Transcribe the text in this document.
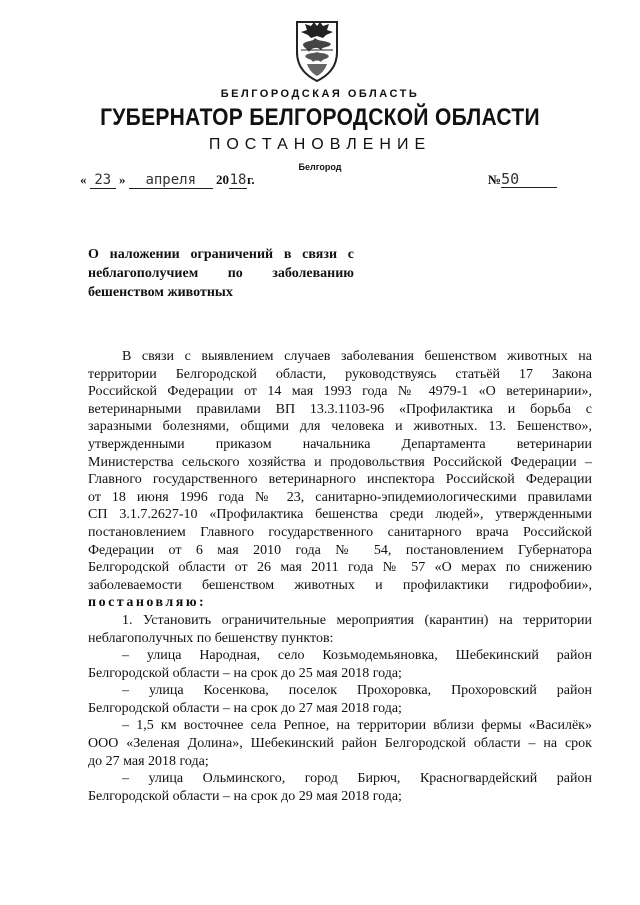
БЕЛГОРОДСКАЯ ОБЛАСТЬ
ГУБЕРНАТОР БЕЛГОРОДСКОЙ ОБЛАСТИ
ПОСТАНОВЛЕНИЕ
Белгород
« 23 » апреля 2018г.	№50
О наложении ограничений в связи с
неблагополучием по заболеванию
бешенством животных
В связи с выявлением случаев заболевания бешенством животных на
территории Белгородской области, руководствуясь статьёй 17 Закона
Российской Федерации от 14 мая 1993 года № 4979-1 «О ветеринарии»,
ветеринарными правилами ВП 13.3.1103-96 «Профилактика и борьба с
заразными болезнями, общими для человека и животных. 13. Бешенство»,
утвержденными приказом начальника Департамента ветеринарии
Министерства сельского хозяйства и продовольствия Российской Федерации –
Главного государственного ветеринарного инспектора Российской Федерации
от 18 июня 1996 года № 23, санитарно-эпидемиологическими правилами
СП 3.1.7.2627-10 «Профилактика бешенства среди людей», утвержденными
постановлением Главного государственного санитарного врача Российской
Федерации от 6 мая 2010 года № 54, постановлением Губернатора
Белгородской области от 26 мая 2011 года № 57 «О мерах по снижению
заболеваемости бешенством животных и профилактики гидрофобии»,
постановляю:
1. Установить ограничительные мероприятия (карантин) на территории
неблагополучных по бешенству пунктов:
– улица Народная, село Козьмодемьяновка, Шебекинский район
Белгородской области – на срок до 25 мая 2018 года;
– улица Косенкова, поселок Прохоровка, Прохоровский район
Белгородской области – на срок до 27 мая 2018 года;
– 1,5 км восточнее села Репное, на территории вблизи фермы «Василёк»
ООО «Зеленая Долина», Шебекинский район Белгородской области – на срок
до 27 мая 2018 года;
– улица Ольминского, город Бирюч, Красногвардейский район
Белгородской области – на срок до 29 мая 2018 года;
